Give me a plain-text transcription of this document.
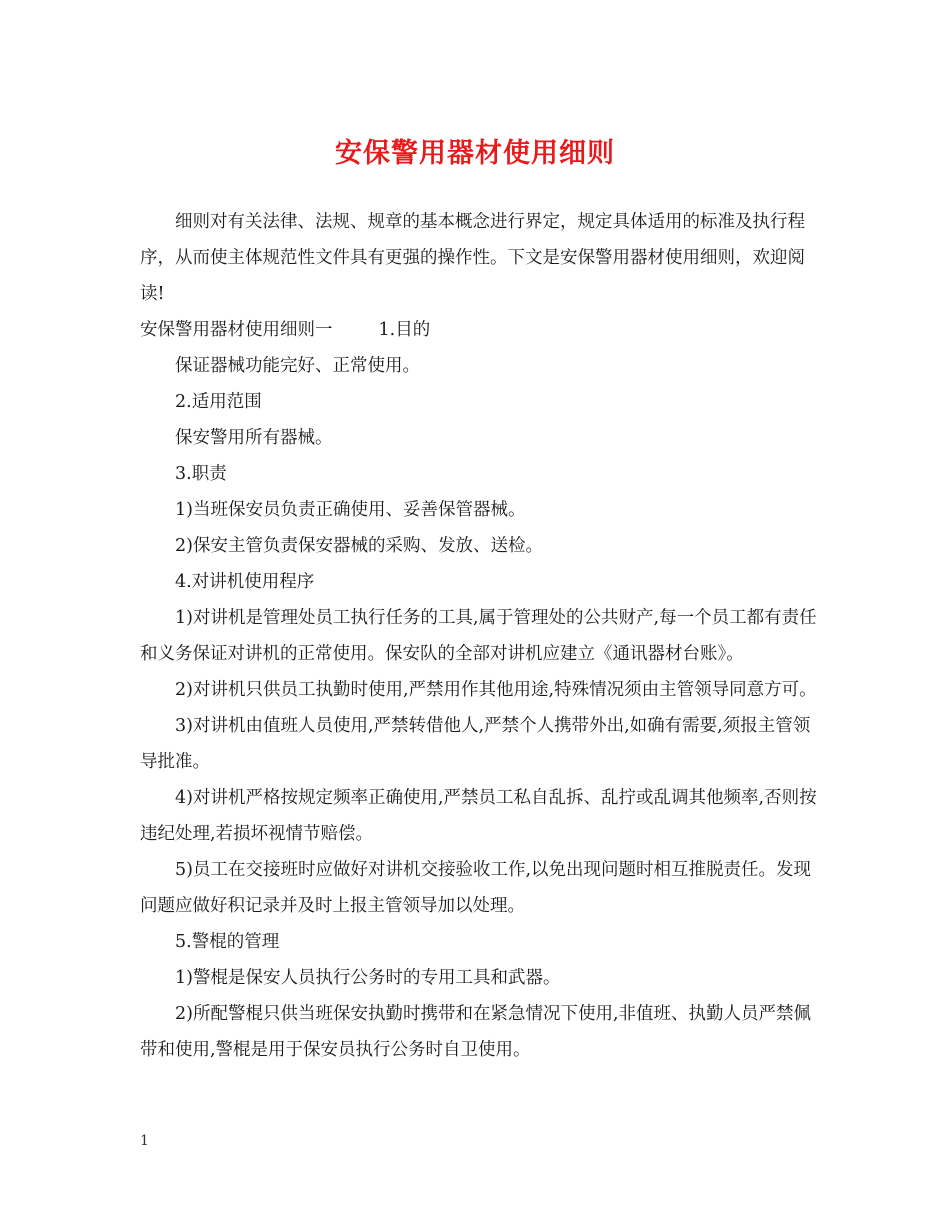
安保警用器材使用细则

细则对有关法律、法规、规章的基本概念进行界定，规定具体适用的标准及执行程序，从而使主体规范性文件具有更强的操作性。下文是安保警用器材使用细则，欢迎阅读!

安保警用器材使用细则一	1.目的

保证器械功能完好、正常使用。

2.适用范围

保安警用所有器械。

3.职责

1)当班保安员负责正确使用、妥善保管器械。

2)保安主管负责保安器械的采购、发放、送检。

4.对讲机使用程序

1)对讲机是管理处员工执行任务的工具,属于管理处的公共财产,每一个员工都有责任和义务保证对讲机的正常使用。保安队的全部对讲机应建立《通讯器材台账》。

2)对讲机只供员工执勤时使用,严禁用作其他用途,特殊情况须由主管领导同意方可。

3)对讲机由值班人员使用,严禁转借他人,严禁个人携带外出,如确有需要,须报主管领导批准。

4)对讲机严格按规定频率正确使用,严禁员工私自乱拆、乱拧或乱调其他频率,否则按违纪处理,若损坏视情节赔偿。

5)员工在交接班时应做好对讲机交接验收工作,以免出现问题时相互推脱责任。发现问题应做好积记录并及时上报主管领导加以处理。

5.警棍的管理

1)警棍是保安人员执行公务时的专用工具和武器。

2)所配警棍只供当班保安执勤时携带和在紧急情况下使用,非值班、执勤人员严禁佩带和使用,警棍是用于保安员执行公务时自卫使用。

1
